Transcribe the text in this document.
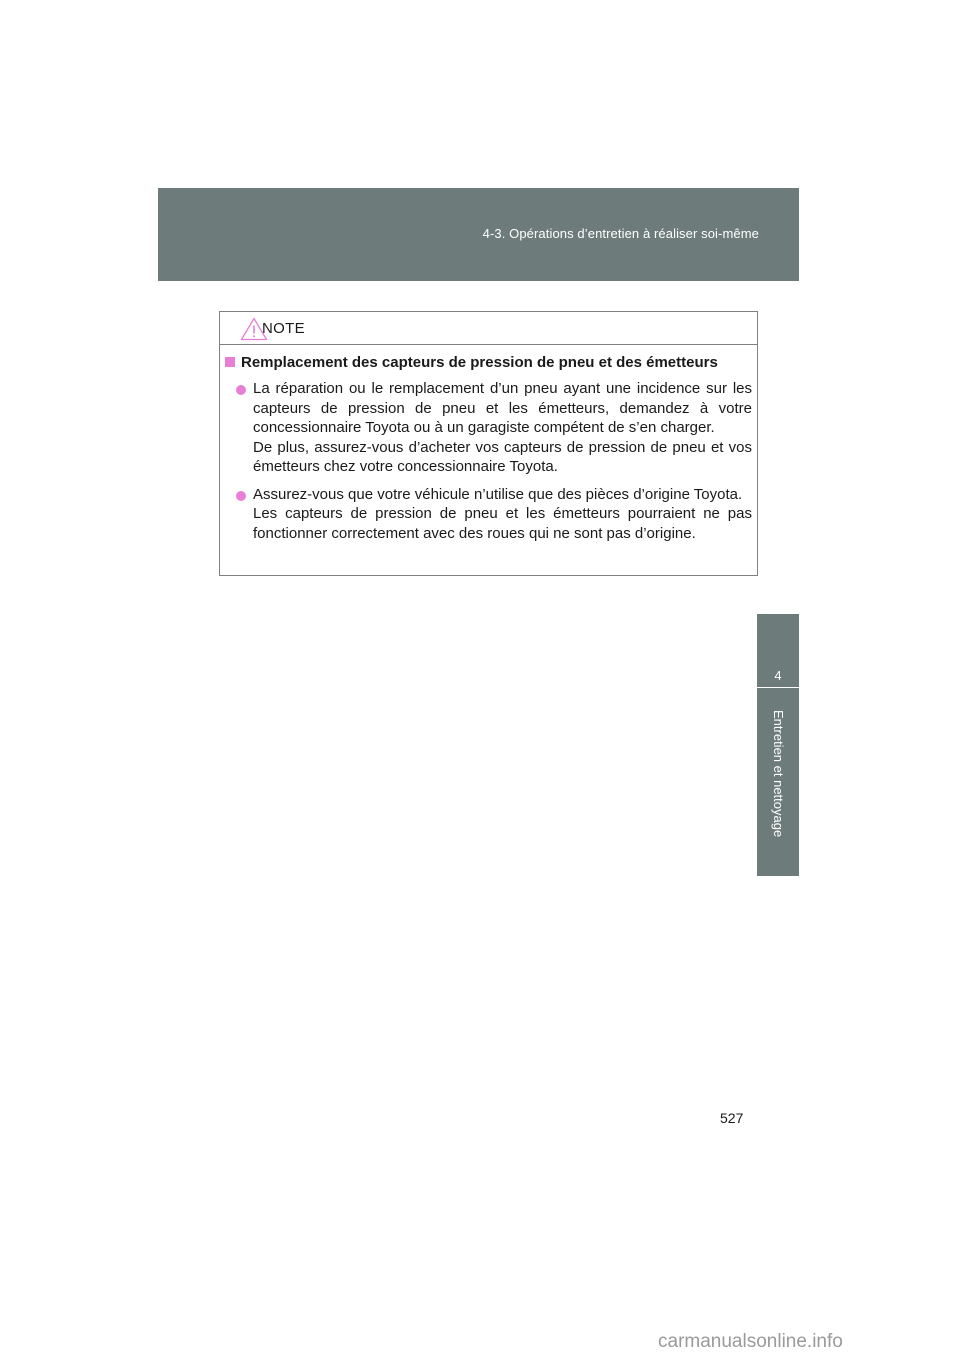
4-3. Opérations d’entretien à réaliser soi-même
4
Entretien et nettoyage
NOTE
Remplacement des capteurs de pression de pneu et des émetteurs
La réparation ou le remplacement d’un pneu ayant une incidence sur les capteurs de pression de pneu et les émetteurs, demandez à votre concessionnaire Toyota ou à un garagiste compétent de s’en charger.
De plus, assurez-vous d’acheter vos capteurs de pression de pneu et vos émetteurs chez votre concessionnaire Toyota.
Assurez-vous que votre véhicule n’utilise que des pièces d’origine Toyota.
Les capteurs de pression de pneu et les émetteurs pourraient ne pas fonctionner correctement avec des roues qui ne sont pas d’origine.
527
carmanualsonline.info
